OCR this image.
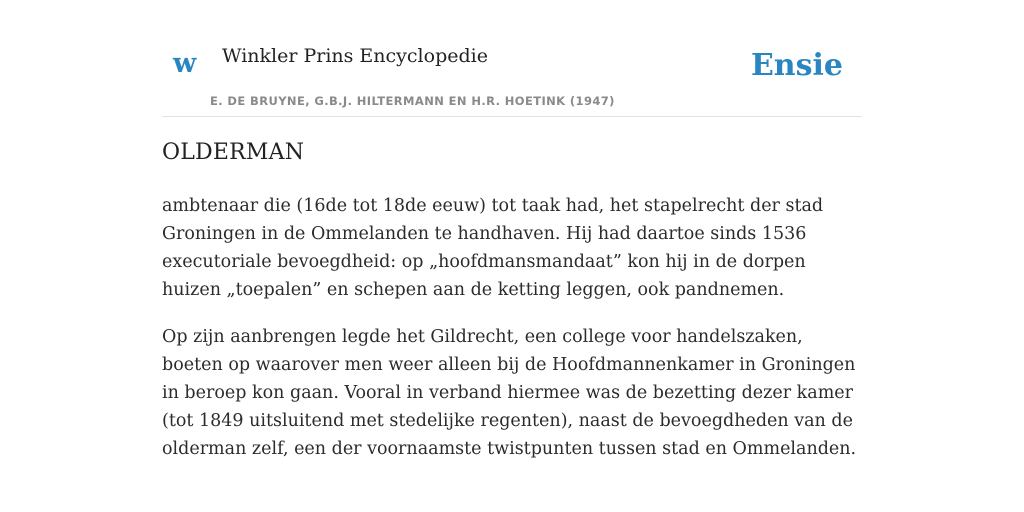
w Winkler Prins Encyclopedie
E. DE BRUYNE, G.B.J. HILTERMANN EN H.R. HOETINK (1947)
Ensie
OLDERMAN

ambtenaar die (16de tot 18de eeuw) tot taak had, het stapelrecht der stad Groningen in de Ommelanden te handhaven. Hij had daartoe sinds 1536 executoriale bevoegdheid: op „hoofdmansmandaat” kon hij in de dorpen huizen „toepalen” en schepen aan de ketting leggen, ook pandnemen.

Op zijn aanbrengen legde het Gildrecht, een college voor handelszaken, boeten op waarover men weer alleen bij de Hoofdmannenkamer in Groningen in beroep kon gaan. Vooral in verband hiermee was de bezetting dezer kamer (tot 1849 uitsluitend met stedelijke regenten), naast de bevoegdheden van de olderman zelf, een der voornaamste twistpunten tussen stad en Ommelanden.
